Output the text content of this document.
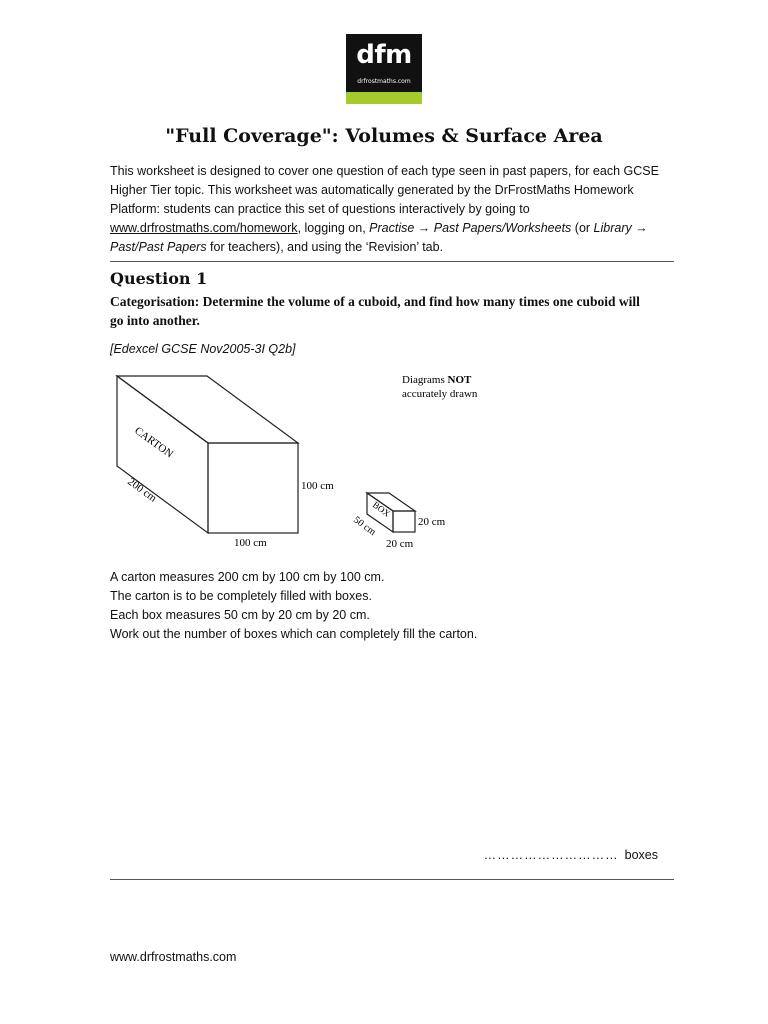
dfm
drfrostmaths.com
"Full Coverage": Volumes & Surface Area
This worksheet is designed to cover one question of each type seen in past papers, for each GCSE Higher Tier topic. This worksheet was automatically generated by the DrFrostMaths Homework Platform: students can practice this set of questions interactively by going to www.drfrostmaths.com/homework, logging on, Practise → Past Papers/Worksheets (or Library → Past/Past Papers for teachers), and using the ‘Revision’ tab.
Question 1
Categorisation: Determine the volume of a cuboid, and find how many times one cuboid will go into another.
[Edexcel GCSE Nov2005-3I Q2b]
Diagrams NOT
accurately drawn
CARTON
200 cm	100 cm
100 cm
BOX
50 cm	20 cm
20 cm
A carton measures 200 cm by 100 cm by 100 cm.
The carton is to be completely filled with boxes.
Each box measures 50 cm by 20 cm by 20 cm.
Work out the number of boxes which can completely fill the carton.
………………………… boxes
www.drfrostmaths.com
